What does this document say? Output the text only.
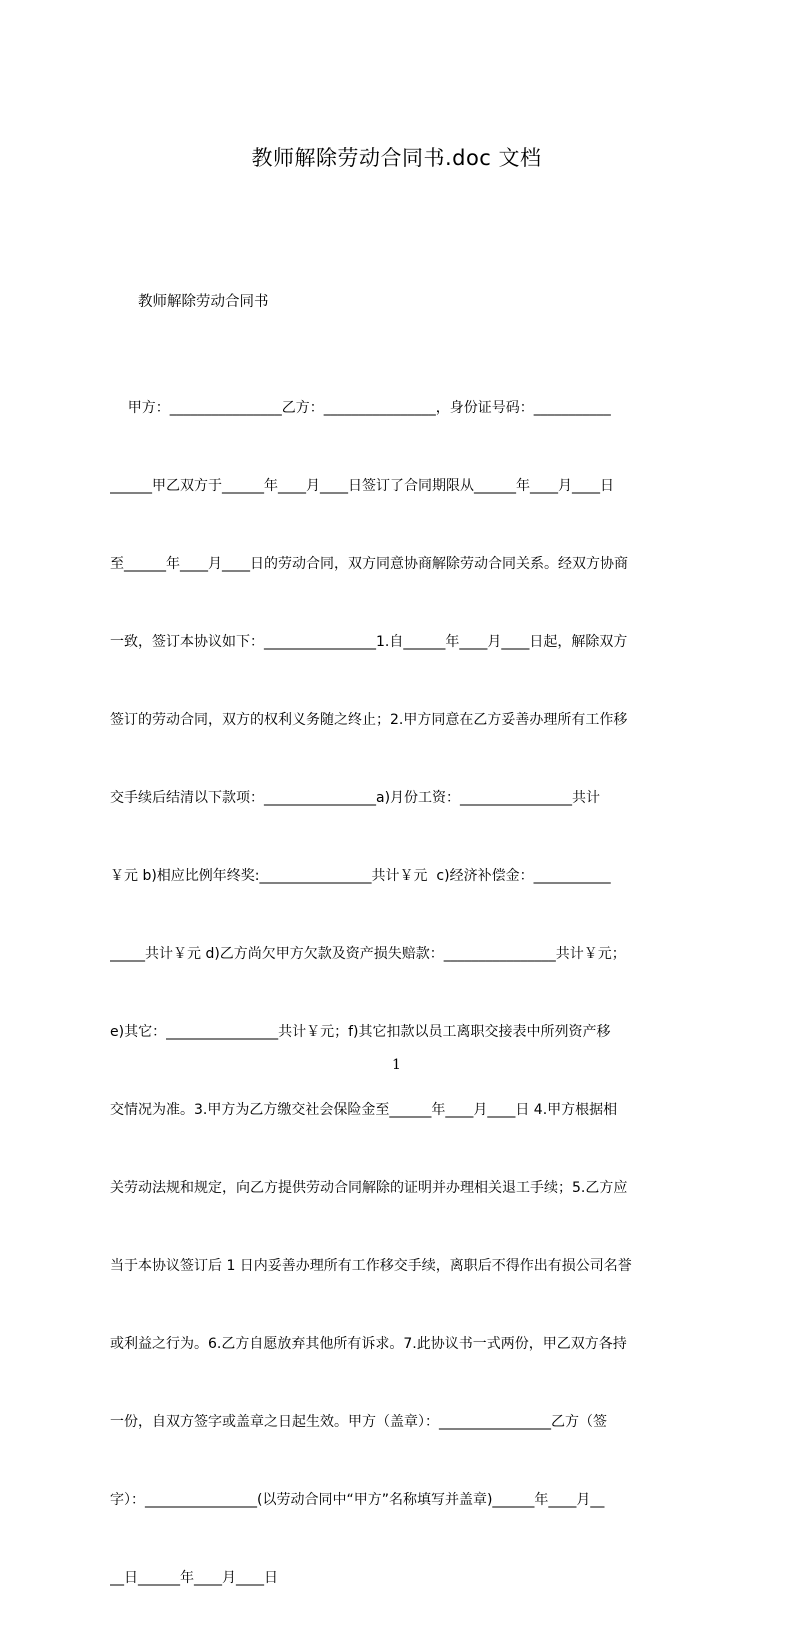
教师解除劳动合同书.doc 文档
教师解除劳动合同书

甲方：________________乙方：________________，身份证号码：___________

______甲乙双方于______年____月____日签订了合同期限从______年____月____日

至______年____月____日的劳动合同，双方同意协商解除劳动合同关系。经双方协商

一致，签订本协议如下：________________1.自______年____月____日起，解除双方

签订的劳动合同，双方的权利义务随之终止；2.甲方同意在乙方妥善办理所有工作移

交手续后结清以下款项：________________a)月份工资：________________共计

￥元 b)相应比例年终奖:________________共计￥元  c)经济补偿金：___________

_____共计￥元 d)乙方尚欠甲方欠款及资产损失赔款：________________共计￥元；

e)其它：________________共计￥元；f)其它扣款以员工离职交接表中所列资产移

交情况为准。3.甲方为乙方缴交社会保险金至______年____月____日 4.甲方根据相

关劳动法规和规定，向乙方提供劳动合同解除的证明并办理相关退工手续；5.乙方应

当于本协议签订后 1 日内妥善办理所有工作移交手续，离职后不得作出有损公司名誉

或利益之行为。6.乙方自愿放弃其他所有诉求。7.此协议书一式两份，甲乙双方各持

一份，自双方签字或盖章之日起生效。甲方（盖章）：________________乙方（签

字）：________________(以劳动合同中“甲方”名称填写并盖章)______年____月__

__日______年____月____日

1
